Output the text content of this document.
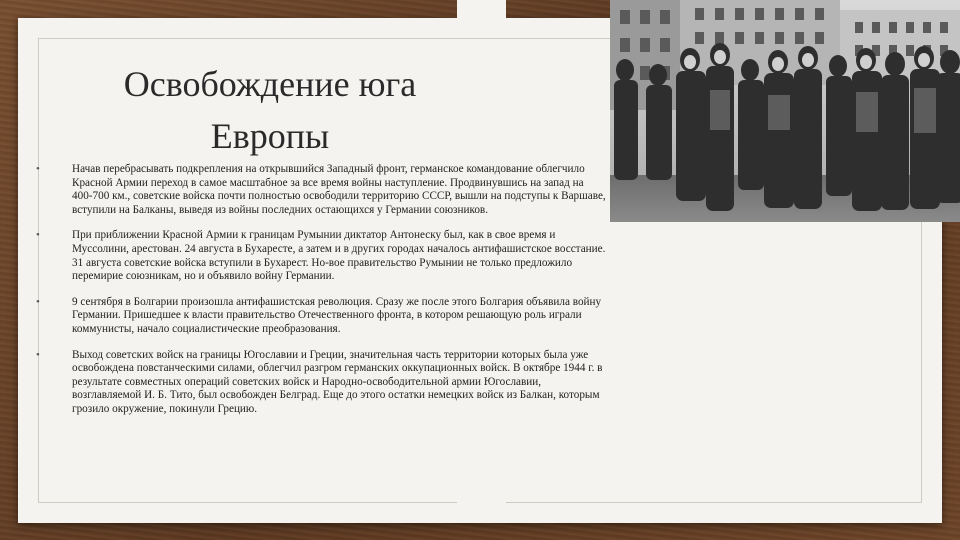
Освобождение юга
Европы
•	Начав перебрасывать подкрепления на открывшийся Западный фронт, германское командование облегчило Красной Армии переход в самое масштабное за все время войны наступление. Продвинувшись на запад на 400-700 км., советские войска почти полностью освободили территорию СССР, вышли на подступы к Варшаве, вступили на Балканы, выведя из войны последних остающихся у Германии союзников.
•	При приближении Красной Армии к границам Румынии диктатор Антонеску был, как в свое время и Муссолини, арестован. 24 августа в Бухаресте, а затем и в других городах началось антифашистское восстание. 31 августа советские войска вступили в Бухарест. Но-вое правительство Румынии не только предложило перемирие союзникам, но и объявило войну Германии.
•	9 сентября в Болгарии произошла антифашистская революция. Сразу же после этого Болгария объявила войну Германии. Пришедшее к власти правительство Отечественного фронта, в котором решающую роль играли коммунисты, начало социалистические преобразования.
•	Выход советских войск на границы Югославии и Греции, значительная часть территории которых была уже освобождена повстанческими силами, облегчил разгром германских оккупационных войск. В октябре 1944 г. в результате совместных операций советских войск и Народно-освободительной армии Югославии, возглавляемой И. Б. Тито, был освобожден Белград. Еще до этого остатки немецких войск из Балкан, которым грозило окружение, покинули Грецию.
